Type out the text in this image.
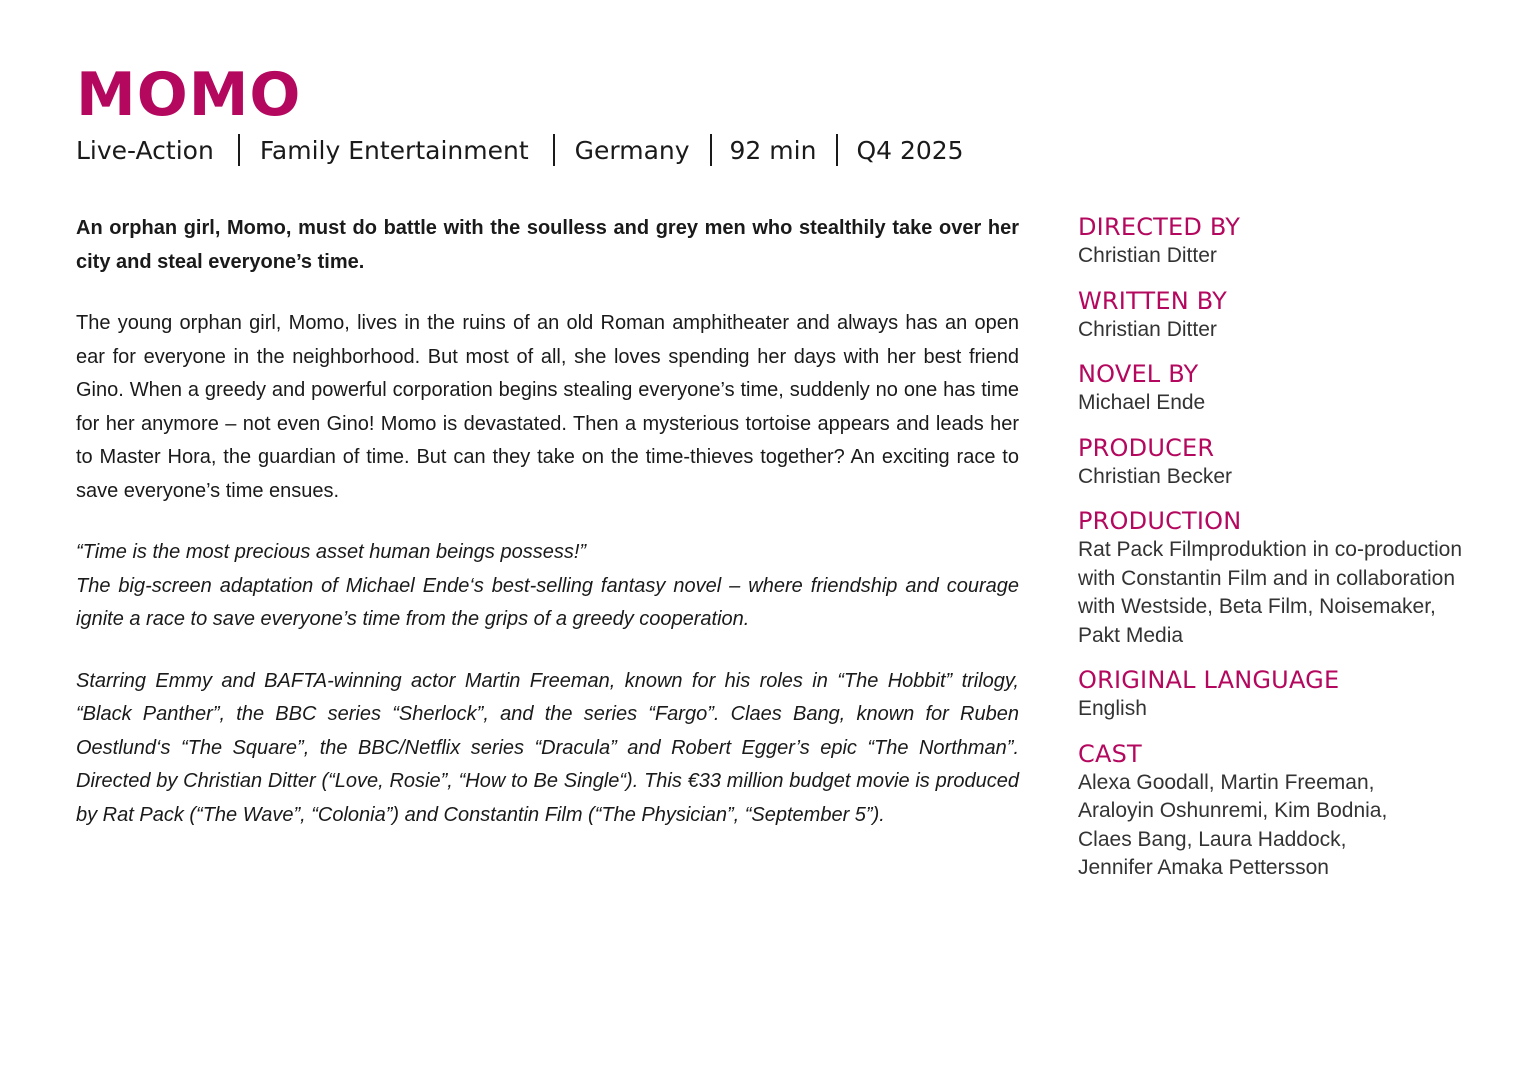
MOMO
Live-Action Family Entertainment Germany 92 min Q4 2025

An orphan girl, Momo, must do battle with the soulless and grey men who stealthily take over her city and steal everyone’s time.

The young orphan girl, Momo, lives in the ruins of an old Roman amphitheater and always has an open ear for everyone in the neighborhood. But most of all, she loves spending her days with her best friend Gino. When a greedy and powerful corporation begins stealing everyone’s time, suddenly no one has time for her anymore – not even Gino! Momo is devastated. Then a mysterious tortoise appears and leads her to Master Hora, the guardian of time. But can they take on the time-thieves together? An exciting race to save everyone’s time ensues.

“Time is the most precious asset human beings possess!”
The big-screen adaptation of Michael Ende‘s best-selling fantasy novel – where friendship and courage ignite a race to save everyone’s time from the grips of a greedy cooperation.

Starring Emmy and BAFTA-winning actor Martin Freeman, known for his roles in “The Hobbit” trilogy, “Black Panther”, the BBC series “Sherlock”, and the series “Fargo”. Claes Bang, known for Ruben Oestlund‘s “The Square”, the BBC/Netflix series “Dracula” and Robert Egger’s epic “The Northman”. Directed by Christian Ditter (“Love, Rosie”, “How to Be Single“). This €33 million budget movie is produced by Rat Pack (“The Wave”, “Colonia”) and Constantin Film (“The Physician”, “September 5”).

DIRECTED BY
Christian Ditter
WRITTEN BY
Christian Ditter
NOVEL BY
Michael Ende
PRODUCER
Christian Becker
PRODUCTION
Rat Pack Filmproduktion in co-production
with Constantin Film and in collaboration
with Westside, Beta Film, Noisemaker,
Pakt Media
ORIGINAL LANGUAGE
English
CAST
Alexa Goodall, Martin Freeman,
Araloyin Oshunremi, Kim Bodnia,
Claes Bang, Laura Haddock,
Jennifer Amaka Pettersson
